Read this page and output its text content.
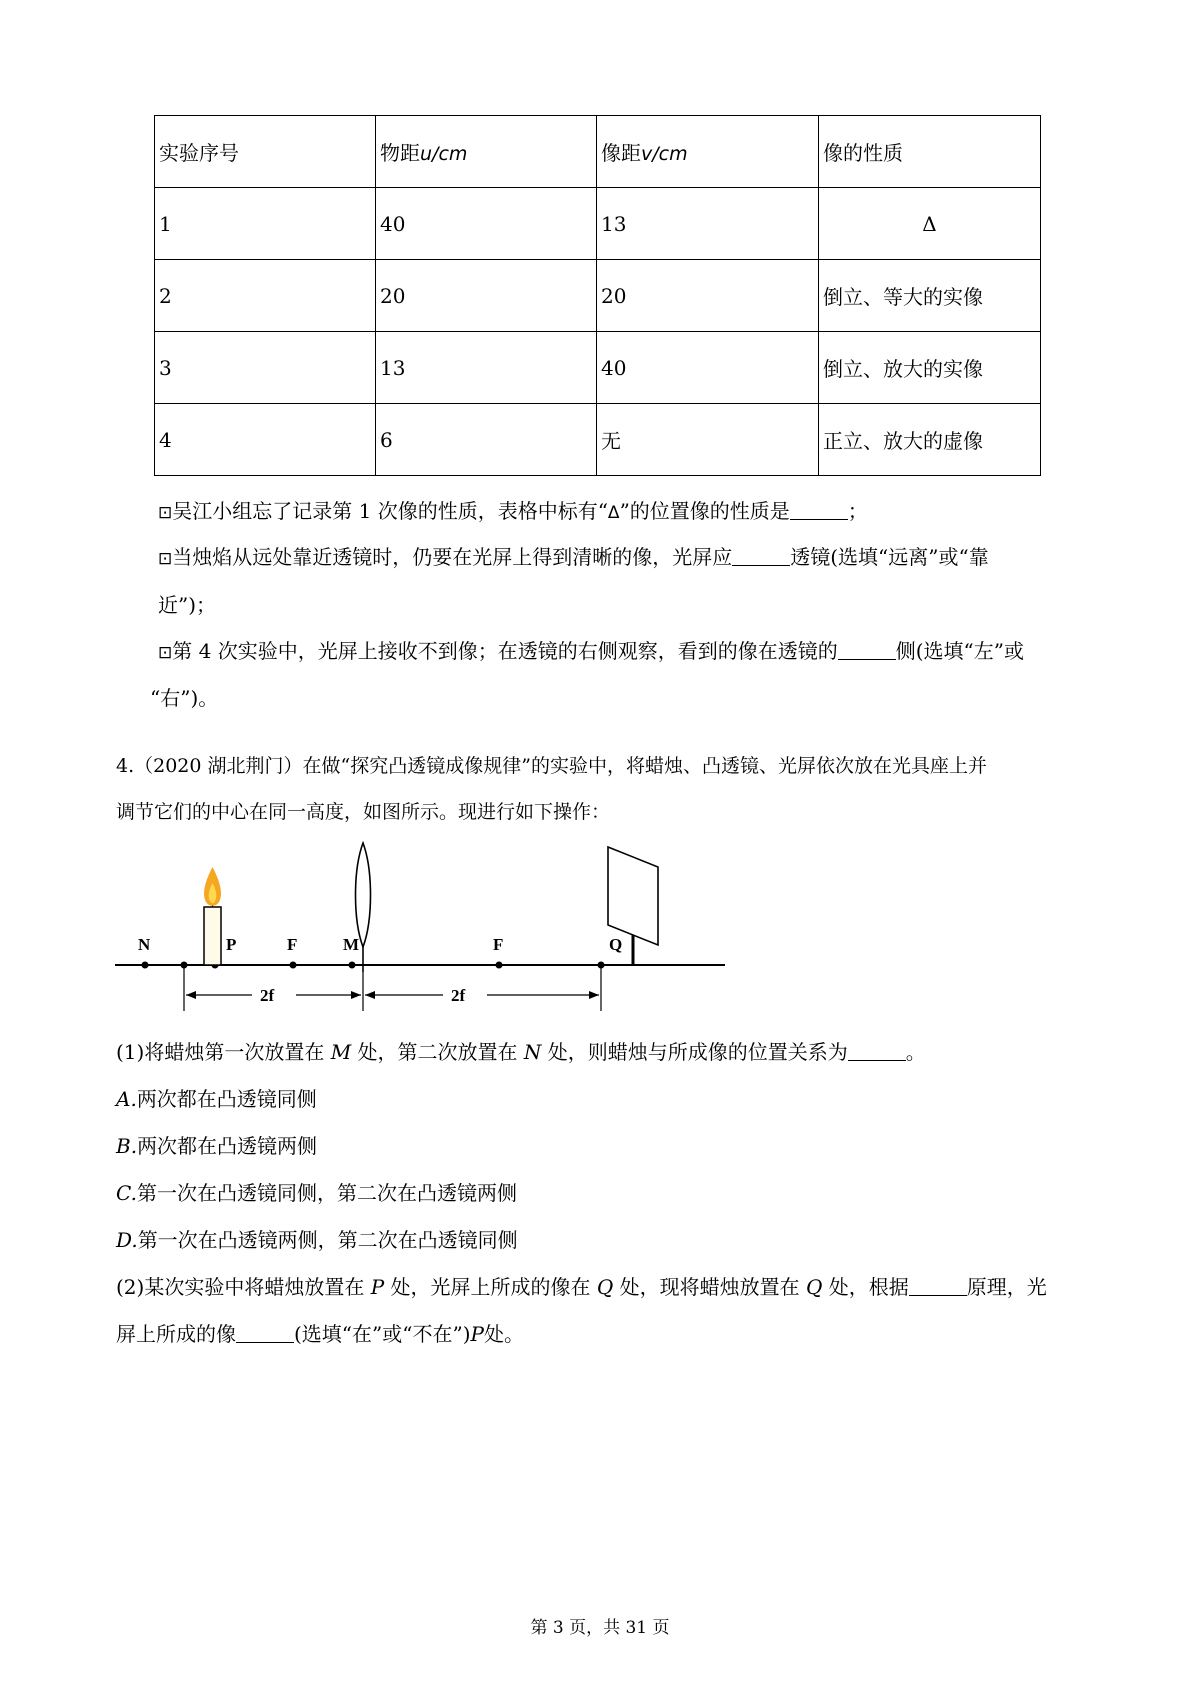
实验序号	物距u/cm	像距v/cm	像的性质
1	40	13	Δ
2	20	20	倒立、等大的实像
3	13	40	倒立、放大的实像
4	6	无	正立、放大的虚像
⊡吴江小组忘了记录第 1 次像的性质，表格中标有“Δ”的位置像的性质是	；
⊡当烛焰从远处靠近透镜时，仍要在光屏上得到清晰的像，光屏应	透镜(选填“远离”或“靠
近”)；
⊡第 4 次实验中，光屏上接收不到像；在透镜的右侧观察，看到的像在透镜的	侧(选填“左”或
“右”)。
4.（2020 湖北荆门）在做“探究凸透镜成像规律”的实验中，将蜡烛、凸透镜、光屏依次放在光具座上并
调节它们的中心在同一高度，如图所示。现进行如下操作：
N	P	F	M	F	Q
2f	2f
(1)将蜡烛第一次放置在 M 处，第二次放置在 N 处，则蜡烛与所成像的位置关系为	。
A.两次都在凸透镜同侧
B.两次都在凸透镜两侧
C.第一次在凸透镜同侧，第二次在凸透镜两侧
D.第一次在凸透镜两侧，第二次在凸透镜同侧
(2)某次实验中将蜡烛放置在 P 处，光屏上所成的像在 Q 处，现将蜡烛放置在 Q 处，根据	原理，光
屏上所成的像	(选填“在”或“不在”)P处。
第 3 页，共 31 页
